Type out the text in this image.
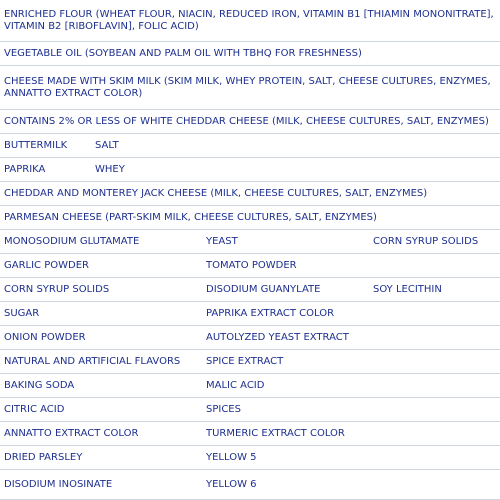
ENRICHED FLOUR (WHEAT FLOUR, NIACIN, REDUCED IRON, VITAMIN B1 [THIAMIN MONONITRATE], VITAMIN B2 [RIBOFLAVIN], FOLIC ACID)
VEGETABLE OIL (SOYBEAN AND PALM OIL WITH TBHQ FOR FRESHNESS)
CHEESE MADE WITH SKIM MILK (SKIM MILK, WHEY PROTEIN, SALT, CHEESE CULTURES, ENZYMES, ANNATTO EXTRACT COLOR)
CONTAINS 2% OR LESS OF WHITE CHEDDAR CHEESE (MILK, CHEESE CULTURES, SALT, ENZYMES)
BUTTERMILK	SALT
PAPRIKA	WHEY
CHEDDAR AND MONTEREY JACK CHEESE (MILK, CHEESE CULTURES, SALT, ENZYMES)
PARMESAN CHEESE (PART-SKIM MILK, CHEESE CULTURES, SALT, ENZYMES)
MONOSODIUM GLUTAMATE	YEAST	CORN SYRUP SOLIDS
GARLIC POWDER	TOMATO POWDER
CORN SYRUP SOLIDS	DISODIUM GUANYLATE	SOY LECITHIN
SUGAR	PAPRIKA EXTRACT COLOR
ONION POWDER	AUTOLYZED YEAST EXTRACT
NATURAL AND ARTIFICIAL FLAVORS	SPICE EXTRACT
BAKING SODA	MALIC ACID
CITRIC ACID	SPICES
ANNATTO EXTRACT COLOR	TURMERIC EXTRACT COLOR
DRIED PARSLEY	YELLOW 5
DISODIUM INOSINATE	YELLOW 6
